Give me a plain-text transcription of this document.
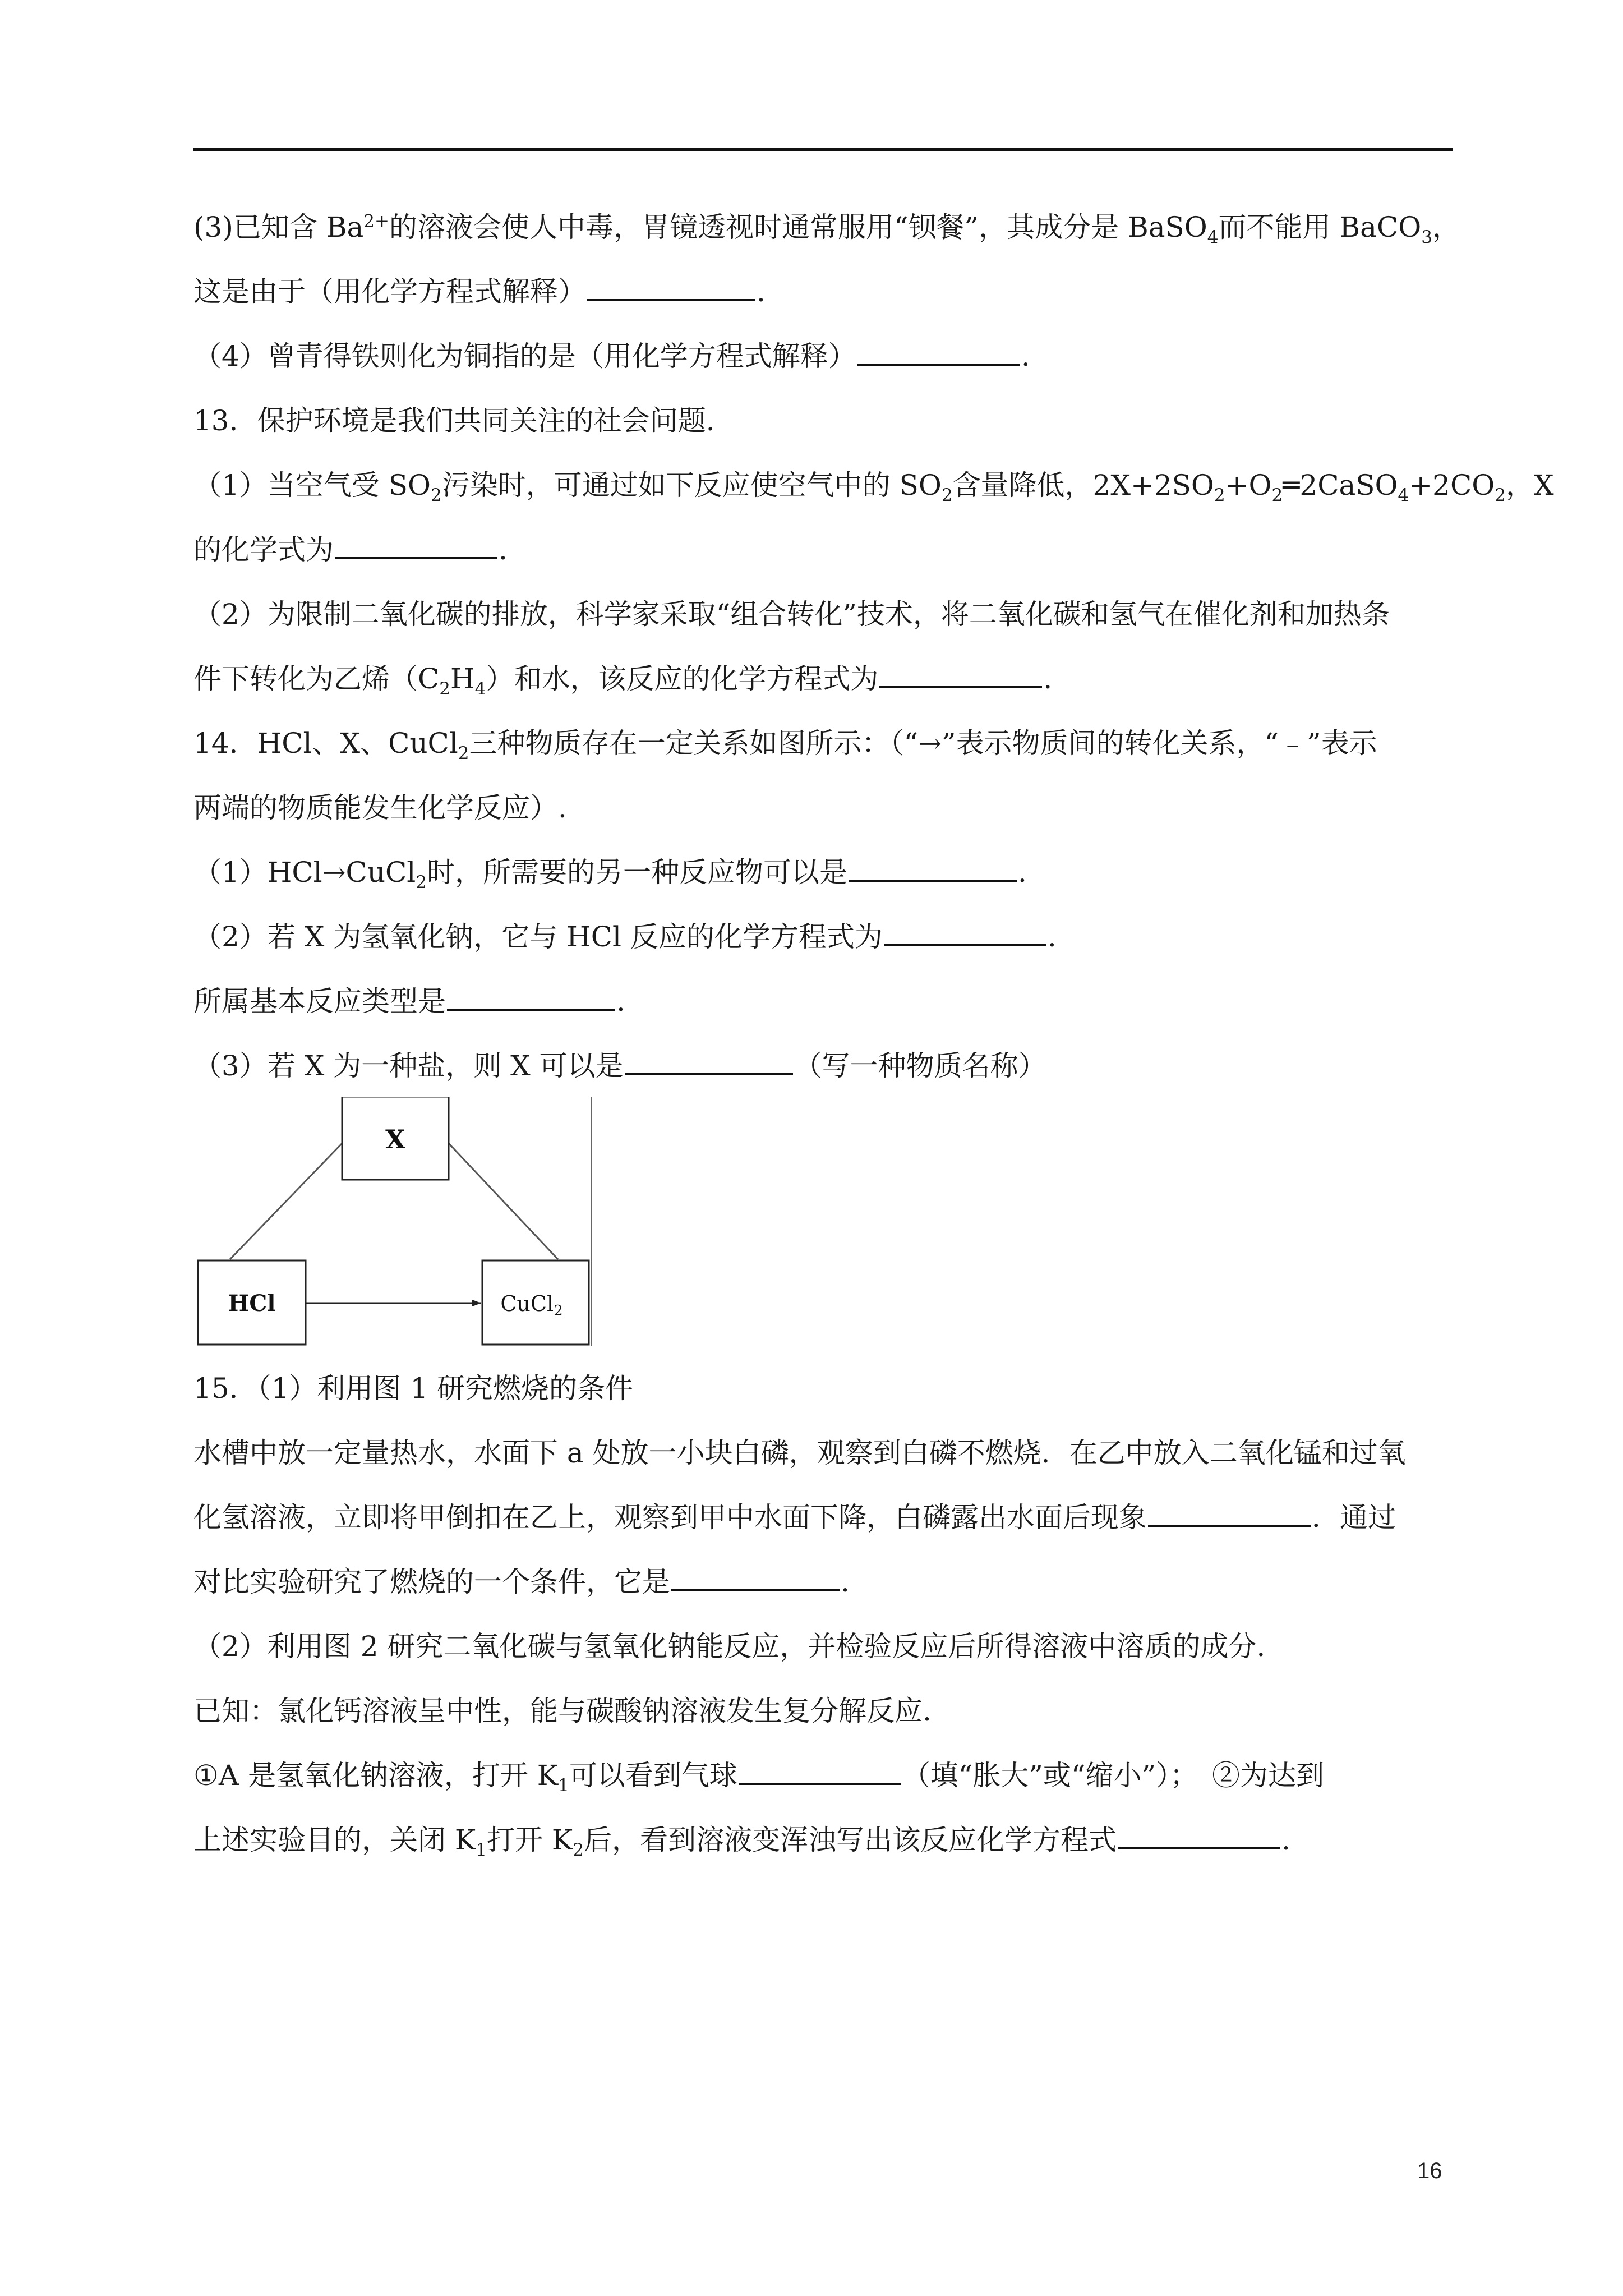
(3)已知含 $Ba^{2+}$的溶液会使人中毒，胃镜透视时通常服用“钡餐”，其成分是 BaSO$_4$而不能用 BaCO$_3$，
这是由于（用化学方程式解释）	.
（4）曾青得铁则化为铜指的是（用化学方程式解释）	.
13．保护环境是我们共同关注的社会问题.
（1）当空气受 $SO_2$污染时，可通过如下反应使空气中的 $SO_2$含量降低，$2X+2SO_2+O_2═2CaSO_4+2CO_2$，X
的化学式为	.
（2）为限制二氧化碳的排放，科学家采取“组合转化”技术，将二氧化碳和氢气在催化剂和加热条
件下转化为乙烯$(C_2H_4)$和水，该反应的化学方程式为	.
14．HCl、X、CuCl$_2$三种物质存在一定关系如图所示：（“→”表示物质间的转化关系，“﹣”表示
两端的物质能发生化学反应）.
（1）HCl→CuCl$_2$时，所需要的另一种反应物可以是	.
（2）若 X 为氢氧化钠，它与 HCl 反应的化学方程式为	.
所属基本反应类型是	.
（3）若 X 为一种盐，则 X 可以是	（写一种物质名称）
X
HCl	CuCl$_2$
15．（1）利用图 1 研究燃烧的条件
水槽中放一定量热水，水面下 a 处放一小块白磷，观察到白磷不燃烧．在乙中放入二氧化锰和过氧
化氢溶液，立即将甲倒扣在乙上，观察到甲中水面下降，白磷露出水面后现象	．通过
对比实验研究了燃烧的一个条件，它是	.
（2）利用图 2 研究二氧化碳与氢氧化钠能反应，并检验反应后所得溶液中溶质的成分.
已知：氯化钙溶液呈中性，能与碳酸钠溶液发生复分解反应.
①A 是氢氧化钠溶液，打开 $K_1$可以看到气球	（填“胀大”或“缩小”）；　②为达到
上述实验目的，关闭 $K_1$打开 $K_2$后，看到溶液变浑浊写出该反应化学方程式	.
16
